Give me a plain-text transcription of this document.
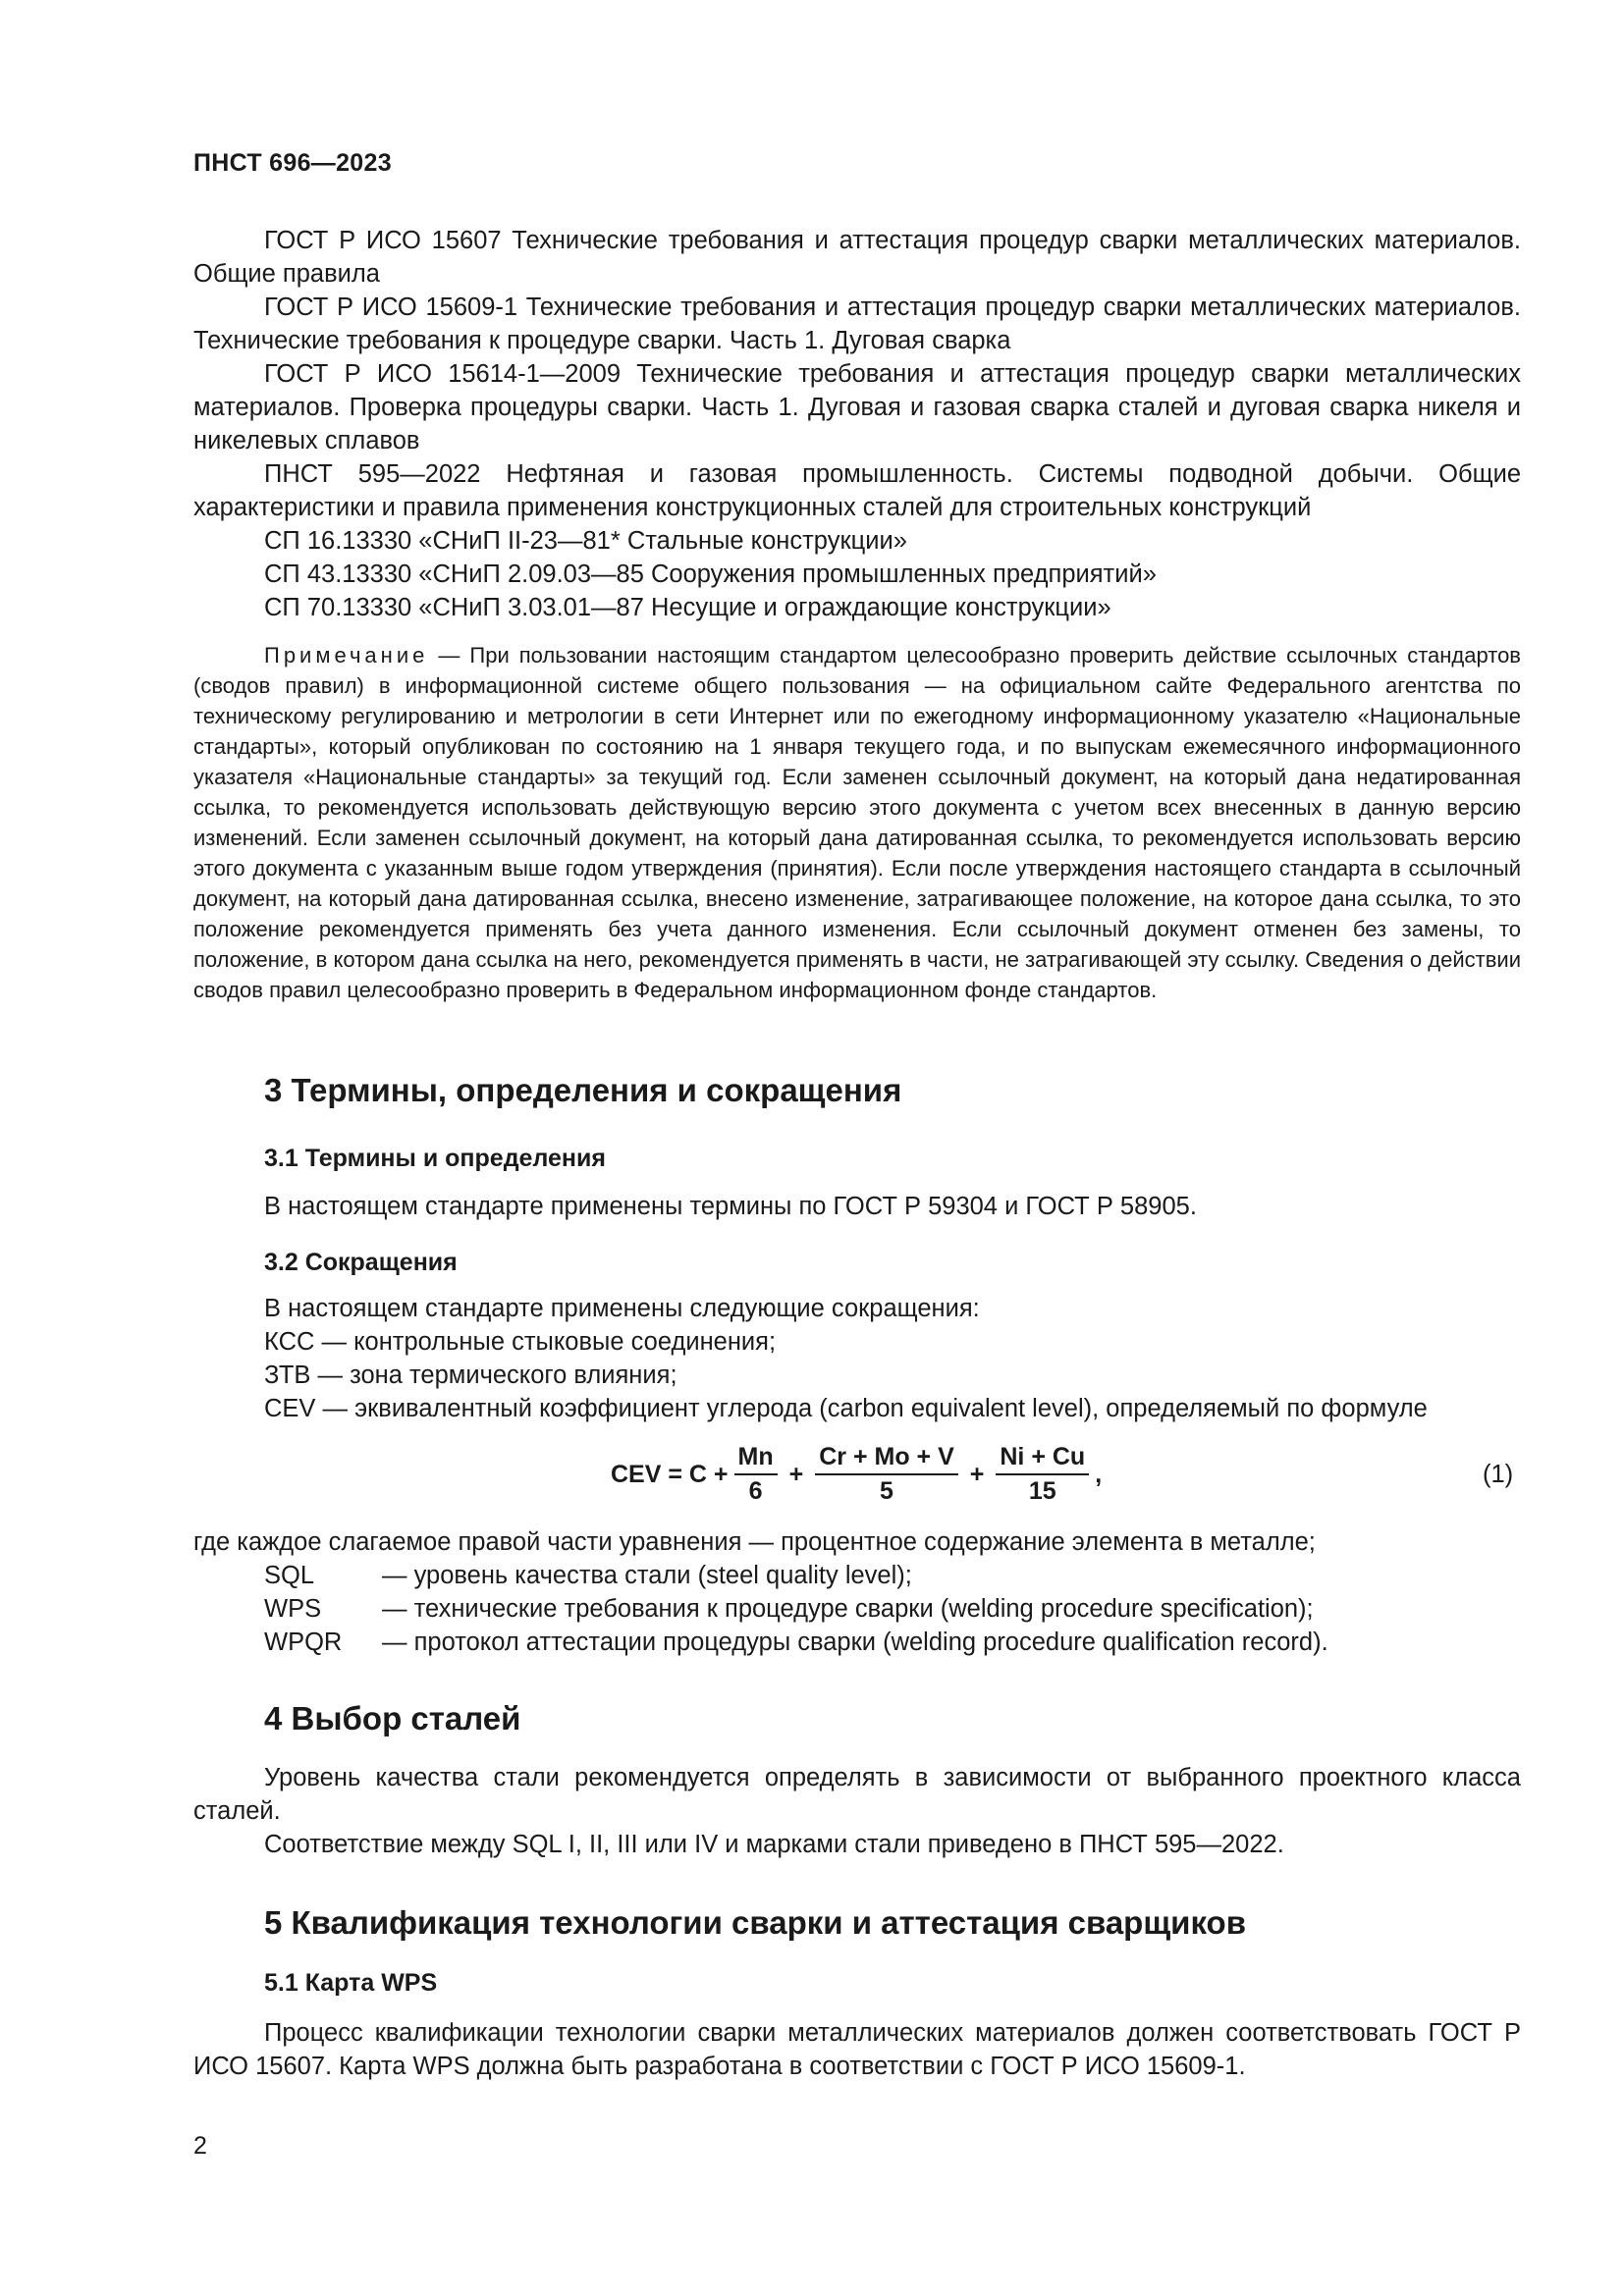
ПНСТ 696—2023

ГОСТ Р ИСО 15607 Технические требования и аттестация процедур сварки металлических материалов. Общие правила

ГОСТ Р ИСО 15609-1 Технические требования и аттестация процедур сварки металлических материалов. Технические требования к процедуре сварки. Часть 1. Дуговая сварка

ГОСТ Р ИСО 15614-1—2009 Технические требования и аттестация процедур сварки металлических материалов. Проверка процедуры сварки. Часть 1. Дуговая и газовая сварка сталей и дуговая сварка никеля и никелевых сплавов

ПНСТ 595—2022 Нефтяная и газовая промышленность. Системы подводной добычи. Общие характеристики и правила применения конструкционных сталей для строительных конструкций

СП 16.13330 «СНиП II-23—81* Стальные конструкции»

СП 43.13330 «СНиП 2.09.03—85 Сооружения промышленных предприятий»

СП 70.13330 «СНиП 3.03.01—87 Несущие и ограждающие конструкции»

Примечание — При пользовании настоящим стандартом целесообразно проверить действие ссылочных стандартов (сводов правил) в информационной системе общего пользования — на официальном сайте Федерального агентства по техническому регулированию и метрологии в сети Интернет или по ежегодному информационному указателю «Национальные стандарты», который опубликован по состоянию на 1 января текущего года, и по выпускам ежемесячного информационного указателя «Национальные стандарты» за текущий год. Если заменен ссылочный документ, на который дана недатированная ссылка, то рекомендуется использовать действующую версию этого документа с учетом всех внесенных в данную версию изменений. Если заменен ссылочный документ, на который дана датированная ссылка, то рекомендуется использовать версию этого документа с указанным выше годом утверждения (принятия). Если после утверждения настоящего стандарта в ссылочный документ, на который дана датированная ссылка, внесено изменение, затрагивающее положение, на которое дана ссылка, то это положение рекомендуется применять без учета данного изменения. Если ссылочный документ отменен без замены, то положение, в котором дана ссылка на него, рекомендуется применять в части, не затрагивающей эту ссылку. Сведения о действии сводов правил целесообразно проверить в Федеральном информационном фонде стандартов.

3 Термины, определения и сокращения
3.1 Термины и определения

В настоящем стандарте применены термины по ГОСТ Р 59304 и ГОСТ Р 58905.

3.2 Сокращения

В настоящем стандарте применены следующие сокращения:

КСС — контрольные стыковые соединения;

ЗТВ — зона термического влияния;

CEV — эквивалентный коэффициент углерода (carbon equivalent level), определяемый по формуле

CEV = $C + \frac{Mn}{6} + \frac{Cr + Mo + V}{5} + \frac{Ni + Cu}{15}$ ,	(1)

где каждое слагаемое правой части уравнения — процентное содержание элемента в металле;

SQL	— уровень качества стали (steel quality level);
WPS — технические требования к процедуре сварки (welding procedure specification);
WPQR — протокол аттестации процедуры сварки (welding procedure qualification record).
4 Выбор сталей

Уровень качества стали рекомендуется определять в зависимости от выбранного проектного класса сталей.

Соответствие между SQL I, II, III или IV и марками стали приведено в ПНСТ 595—2022.

5 Квалификация технологии сварки и аттестация сварщиков
5.1 Карта WPS

Процесс квалификации технологии сварки металлических материалов должен соответствовать ГОСТ Р ИСО 15607. Карта WPS должна быть разработана в соответствии с ГОСТ Р ИСО 15609-1.

2
